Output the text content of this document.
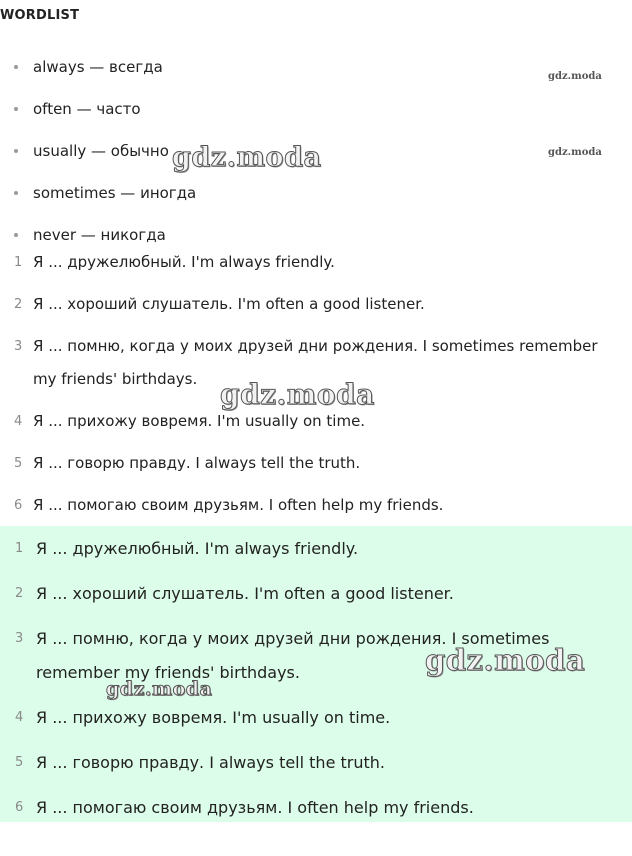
WORDLIST
always — всегда
often — часто
usually — обычно
sometimes — иногда
never — никогда
1 Я ... дружелюбный. I'm always friendly.
2 Я ... хороший слушатель. I'm often a good listener.
3 Я ... помню, когда у моих друзей дни рождения. I sometimes remember my friends' birthdays.
4 Я ... прихожу вовремя. I'm usually on time.
5 Я ... говорю правду. I always tell the truth.
6 Я ... помогаю своим друзьям. I often help my friends.
1 Я ... дружелюбный. I'm always friendly.
2 Я ... хороший слушатель. I'm often a good listener.
3 Я ... помню, когда у моих друзей дни рождения. I sometimes remember my friends' birthdays.
4 Я ... прихожу вовремя. I'm usually on time.
5 Я ... говорю правду. I always tell the truth.
6 Я ... помогаю своим друзьям. I often help my friends.
gdz.moda
gdz.moda
gdz.moda
gdz.moda
gdz.moda
gdz.moda
